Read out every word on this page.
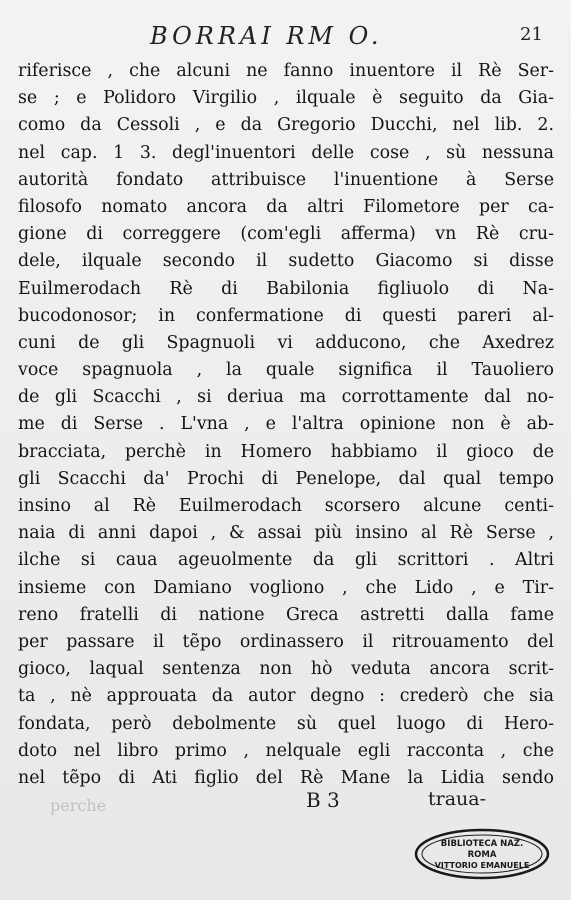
BORRAI RM O.	21
riferisce , che alcuni ne fanno inuentore il Rè Ser-
se ; e Polidoro Virgilio , ilquale è seguito da Gia-
como da Cessoli , e da Gregorio Ducchi, nel lib. 2.
nel cap. 1 3. degl'inuentori delle cose , sù nessuna
autorità fondato attribuisce l'inuentione à Serse
filosofo nomato ancora da altri Filometore per ca-
gione di correggere (com'egli afferma) vn Rè cru-
dele, ilquale secondo il sudetto Giacomo si disse
Euilmerodach Rè di Babilonia figliuolo di Na-
bucodonosor; in confermatione di questi pareri al-
cuni de gli Spagnuoli vi adducono, che Axedrez
voce spagnuola , la quale significa il Tauoliero
de gli Scacchi , si deriua ma corrottamente dal no-
me di Serse . L'vna , e l'altra opinione non è ab-
bracciata, perchè in Homero habbiamo il gioco de
gli Scacchi da' Prochi di Penelope, dal qual tempo
insino al Rè Euilmerodach scorsero alcune centi-
naia di anni dapoi , & assai più insino al Rè Serse ,
ilche si caua ageuolmente da gli scrittori . Altri
insieme con Damiano vogliono , che Lido , e Tir-
reno fratelli di natione Greca astretti dalla fame
per passare il tẽpo ordinassero il ritrouamento del
gioco, laqual sentenza non hò veduta ancora scrit-
ta , nè approuata da autor degno : crederò che sia
fondata, però debolmente sù quel luogo di Hero-
doto nel libro primo , nelquale egli racconta , che
nel tẽpo di Ati figlio del Rè Mane la Lidia sendo
perche	B 3	traua-
BIBLIOTECA NAZ.
ROMA
VITTORIO EMANUELE
